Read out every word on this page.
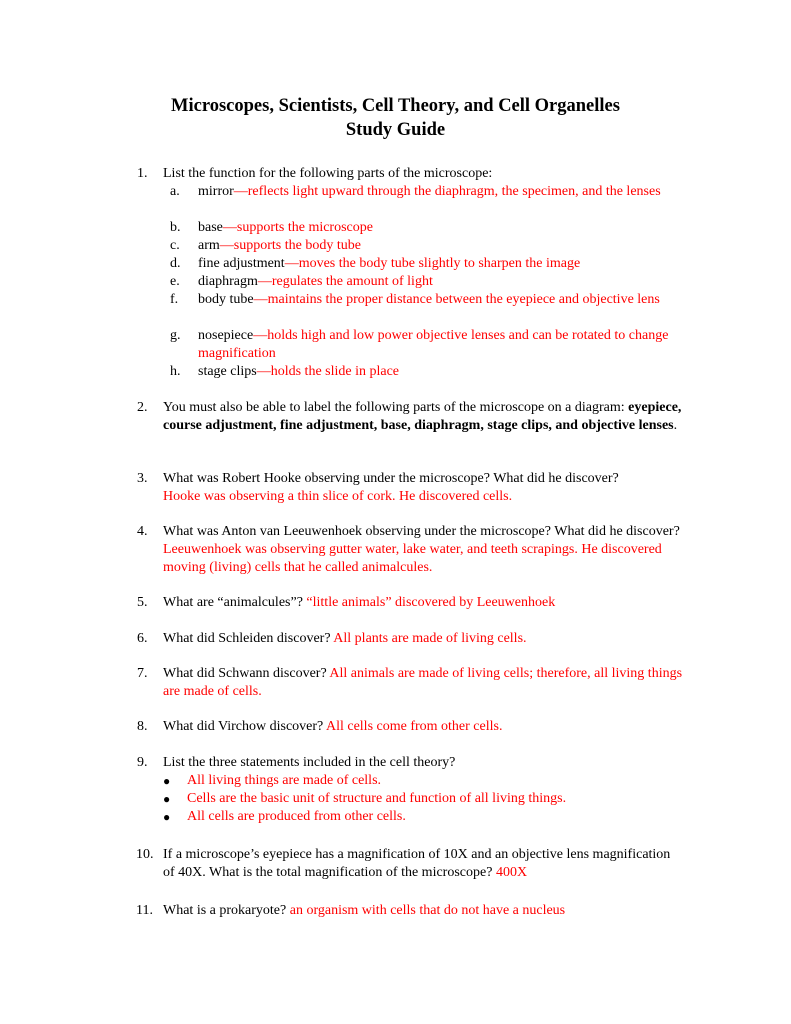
Microscopes, Scientists, Cell Theory, and Cell Organelles
Study Guide
1. List the function for the following parts of the microscope:
a. mirror—reflects light upward through the diaphragm, the specimen, and the lenses
b. base—supports the microscope
c. arm—supports the body tube
d. fine adjustment—moves the body tube slightly to sharpen the image
e. diaphragm—regulates the amount of light
f. body tube—maintains the proper distance between the eyepiece and objective lens
g. nosepiece—holds high and low power objective lenses and can be rotated to change magnification
h. stage clips—holds the slide in place
2. You must also be able to label the following parts of the microscope on a diagram: eyepiece, course adjustment, fine adjustment, base, diaphragm, stage clips, and objective lenses.
3. What was Robert Hooke observing under the microscope? What did he discover?
Hooke was observing a thin slice of cork. He discovered cells.
4. What was Anton van Leeuwenhoek observing under the microscope? What did he discover? Leeuwenhoek was observing gutter water, lake water, and teeth scrapings. He discovered moving (living) cells that he called animalcules.
5. What are “animalcules”? “little animals” discovered by Leeuwenhoek
6. What did Schleiden discover? All plants are made of living cells.
7. What did Schwann discover? All animals are made of living cells; therefore, all living things are made of cells.
8. What did Virchow discover? All cells come from other cells.
9. List the three statements included in the cell theory?
● All living things are made of cells.
● Cells are the basic unit of structure and function of all living things.
● All cells are produced from other cells.
10. If a microscope’s eyepiece has a magnification of 10X and an objective lens magnification of 40X. What is the total magnification of the microscope? 400X
11. What is a prokaryote? an organism with cells that do not have a nucleus
